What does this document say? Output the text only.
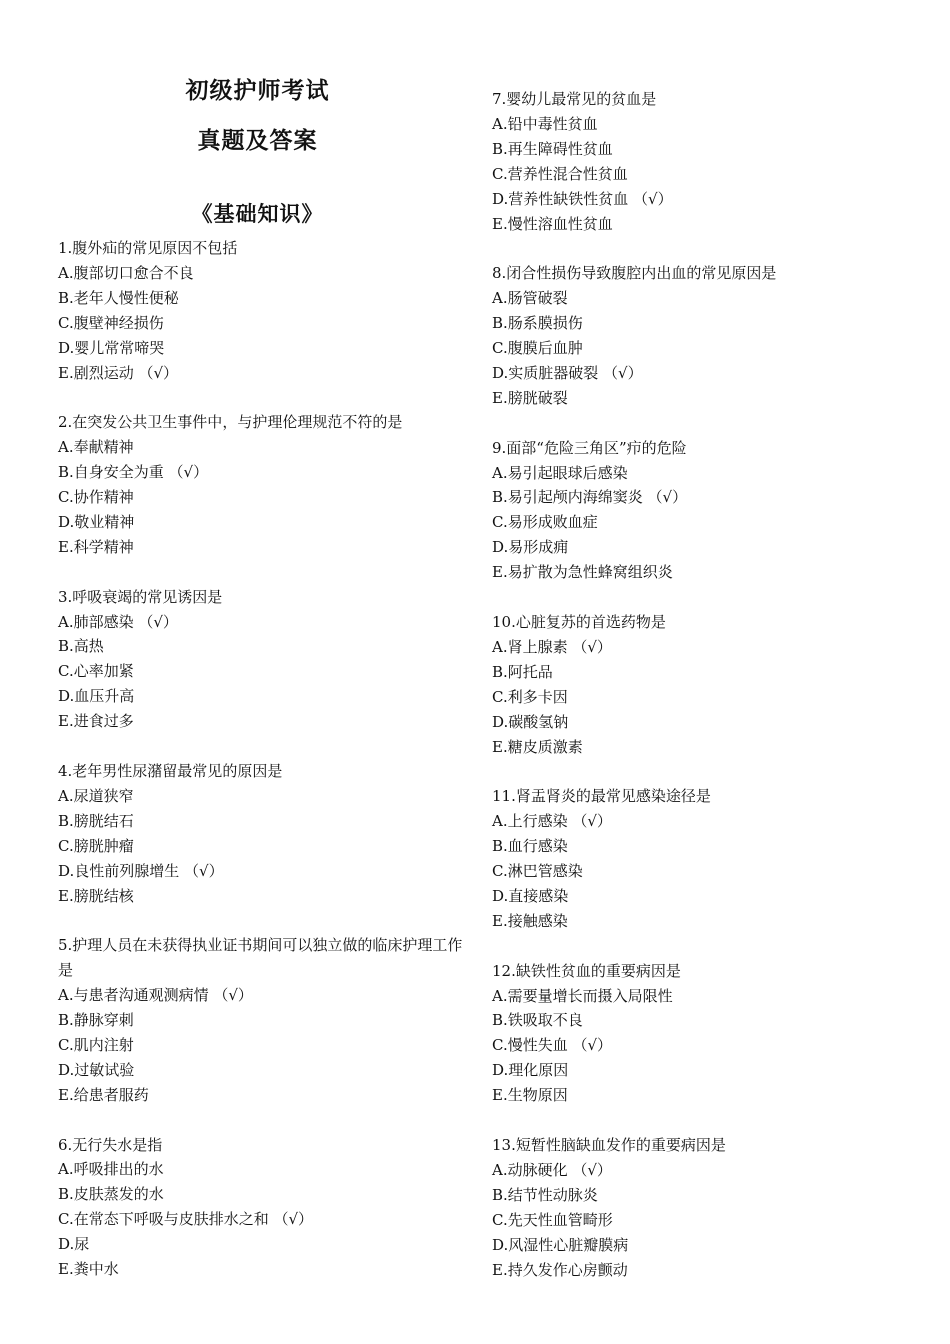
初级护师考试
真题及答案
《基础知识》
1.腹外疝的常见原因不包括
A.腹部切口愈合不良
B.老年人慢性便秘
C.腹壁神经损伤
D.婴儿常常啼哭
E.剧烈运动 （√）
2.在突发公共卫生事件中，与护理伦理规范不符的是
A.奉献精神
B.自身安全为重 （√）
C.协作精神
D.敬业精神
E.科学精神
3.呼吸衰竭的常见诱因是
A.肺部感染 （√）
B.高热
C.心率加紧
D.血压升高
E.进食过多
4.老年男性尿潴留最常见的原因是
A.尿道狭窄
B.膀胱结石
C.膀胱肿瘤
D.良性前列腺增生 （√）
E.膀胱结核
5.护理人员在未获得执业证书期间可以独立做的临床护理工作是
A.与患者沟通观测病情 （√）
B.静脉穿刺
C.肌内注射
D.过敏试验
E.给患者服药
6.无行失水是指
A.呼吸排出的水
B.皮肤蒸发的水
C.在常态下呼吸与皮肤排水之和 （√）
D.尿
E.粪中水
7.婴幼儿最常见的贫血是
A.铅中毒性贫血
B.再生障碍性贫血
C.营养性混合性贫血
D.营养性缺铁性贫血 （√）
E.慢性溶血性贫血
8.闭合性损伤导致腹腔内出血的常见原因是
A.肠管破裂
B.肠系膜损伤
C.腹膜后血肿
D.实质脏器破裂 （√）
E.膀胱破裂
9.面部“危险三角区”疖的危险
A.易引起眼球后感染
B.易引起颅内海绵窦炎 （√）
C.易形成败血症
D.易形成痈
E.易扩散为急性蜂窝组织炎
10.心脏复苏的首选药物是
A.肾上腺素 （√）
B.阿托品
C.利多卡因
D.碳酸氢钠
E.糖皮质激素
11.肾盂肾炎的最常见感染途径是
A.上行感染 （√）
B.血行感染
C.淋巴管感染
D.直接感染
E.接触感染
12.缺铁性贫血的重要病因是
A.需要量增长而摄入局限性
B.铁吸取不良
C.慢性失血 （√）
D.理化原因
E.生物原因
13.短暂性脑缺血发作的重要病因是
A.动脉硬化 （√）
B.结节性动脉炎
C.先天性血管畸形
D.风湿性心脏瓣膜病
E.持久发作心房颤动
